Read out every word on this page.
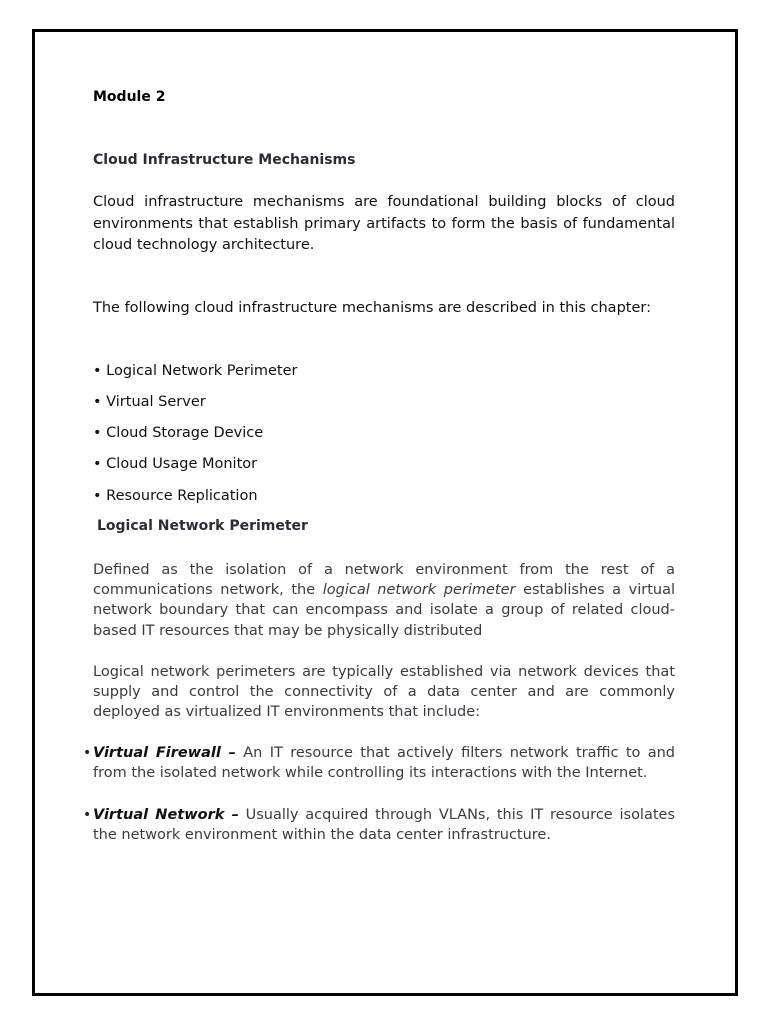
Module 2
Cloud Infrastructure Mechanisms
Cloud infrastructure mechanisms are foundational building blocks of cloud environments that establish primary artifacts to form the basis of fundamental cloud technology architecture.
The following cloud infrastructure mechanisms are described in this chapter:
• Logical Network Perimeter
• Virtual Server
• Cloud Storage Device
• Cloud Usage Monitor
• Resource Replication
Logical Network Perimeter
Defined as the isolation of a network environment from the rest of a communications network, the logical network perimeter establishes a virtual network boundary that can encompass and isolate a group of related cloud-based IT resources that may be physically distributed
Logical network perimeters are typically established via network devices that supply and control the connectivity of a data center and are commonly deployed as virtualized IT environments that include:
• Virtual Firewall – An IT resource that actively filters network traffic to and from the isolated network while controlling its interactions with the Internet.
• Virtual Network – Usually acquired through VLANs, this IT resource isolates the network environment within the data center infrastructure.
